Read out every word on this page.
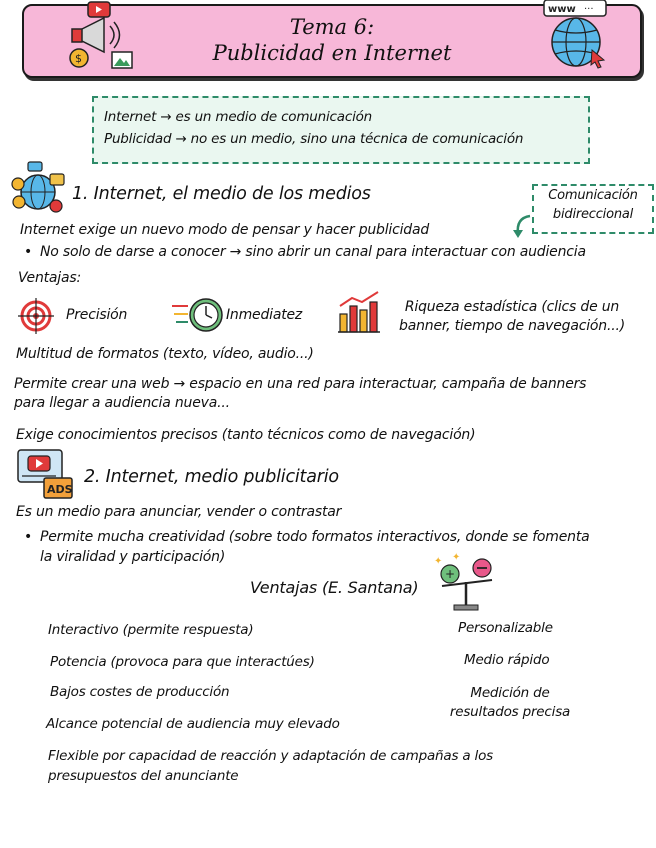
Tema 6:
Publicidad en Internet
$
www ···
Internet → es un medio de comunicación
Publicidad → no es un medio, sino una técnica de comunicación
1. Internet, el medio de los medios	Comunicación
bidireccional
Internet exige un nuevo modo de pensar y hacer publicidad
• No solo de darse a conocer → sino abrir un canal para interactuar con audiencia
Ventajas:
Precisión	Inmediatez	Riqueza estadística (clics de un
banner, tiempo de navegación...)
Multitud de formatos (texto, vídeo, audio...)
Permite crear una web → espacio en una red para interactuar, campaña de banners
para llegar a audiencia nueva...
Exige conocimientos precisos (tanto técnicos como de navegación)
ADS
2. Internet, medio publicitario
Es un medio para anunciar, vender o contrastar
• Permite mucha creatividad (sobre todo formatos interactivos, donde se fomenta
la viralidad y participación)
Ventajas (E. Santana)
✦ ✦
+
Interactivo (permite respuesta)
Potencia (provoca para que interactúes)
Bajos costes de producción
Alcance potencial de audiencia muy elevado
Personalizable
Medio rápido
Medición de
resultados precisa
Flexible por capacidad de reacción y adaptación de campañas a los
presupuestos del anunciante
